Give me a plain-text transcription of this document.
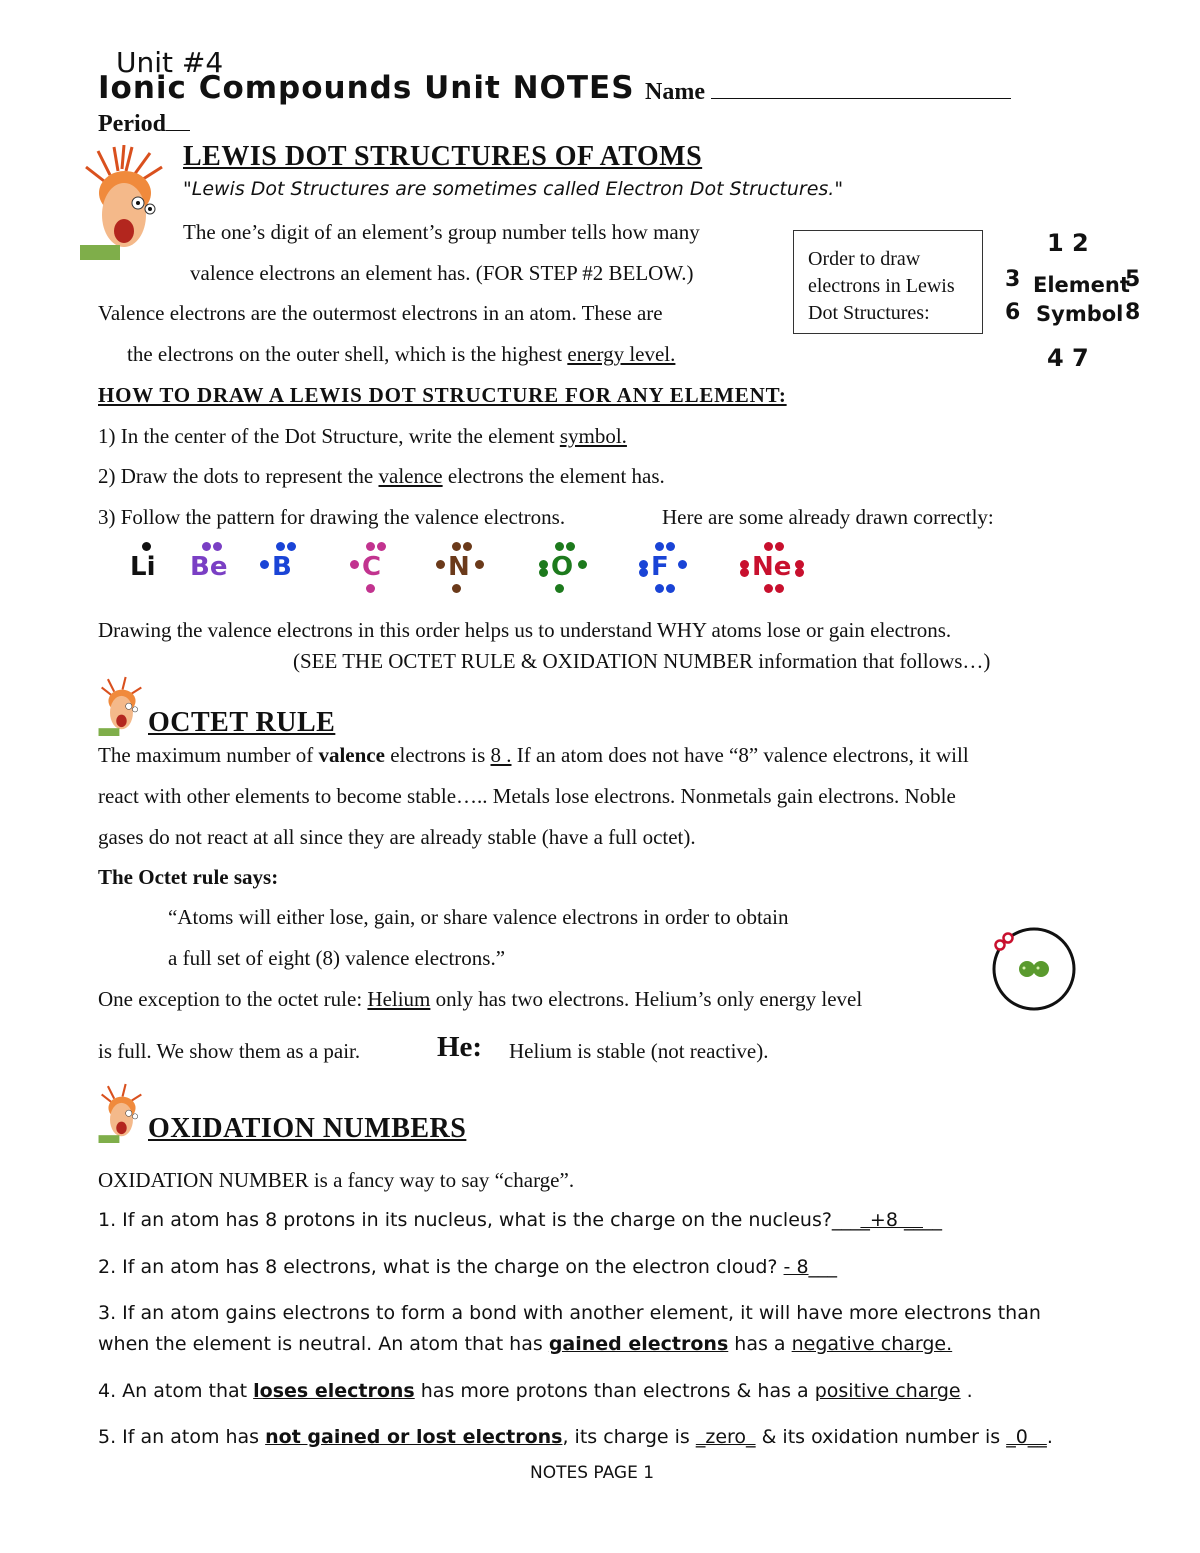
Unit #4
Ionic Compounds Unit NOTES Name
Period
LEWIS DOT STRUCTURES OF ATOMS
"Lewis Dot Structures are sometimes called Electron Dot Structures."
The one’s digit of an element’s group number tells how many
valence electrons an element has. (FOR STEP #2 BELOW.)
Valence electrons are the outermost electrons in an atom. These are
the electrons on the outer shell, which is the highest energy level.
Order to draw electrons in Lewis Dot Structures:
1 2
3 Element
5
6 Symbol 8
4 7
HOW TO DRAW A LEWIS DOT STRUCTURE FOR ANY ELEMENT:
1) In the center of the Dot Structure, write the element symbol.
2) Draw the dots to represent the valence electrons the element has.
3) Follow the pattern for drawing the valence electrons.	Here are some already drawn correctly:
Li Be B	C	N	O	F	Ne
Drawing the valence electrons in this order helps us to understand WHY atoms lose or gain electrons.
(SEE THE OCTET RULE & OXIDATION NUMBER information that follows…)
OCTET RULE
The maximum number of valence electrons is 8 . If an atom does not have “8” valence electrons, it will
react with other elements to become stable….. Metals lose electrons. Nonmetals gain electrons. Noble
gases do not react at all since they are already stable (have a full octet).
The Octet rule says:
“Atoms will either lose, gain, or share valence electrons in order to obtain
a full set of eight (8) valence electrons.”
One exception to the octet rule: Helium only has two electrons. Helium’s only energy level
is full. We show them as a pair.	He: Helium is stable (not reactive).
OXIDATION NUMBERS
OXIDATION NUMBER is a fancy way to say “charge”.
1. If an atom has 8 protons in its nucleus, what is the charge on the nucleus?____+8 ____
2. If an atom has 8 electrons, what is the charge on the electron cloud? - 8___
3. If an atom gains electrons to form a bond with another element, it will have more electrons than
when the element is neutral. An atom that has gained electrons has a negative charge.
4. An atom that loses electrons has more protons than electrons & has a positive charge .
5. If an atom has not gained or lost electrons, its charge is _zero_ & its oxidation number is _0__.
NOTES PAGE 1
